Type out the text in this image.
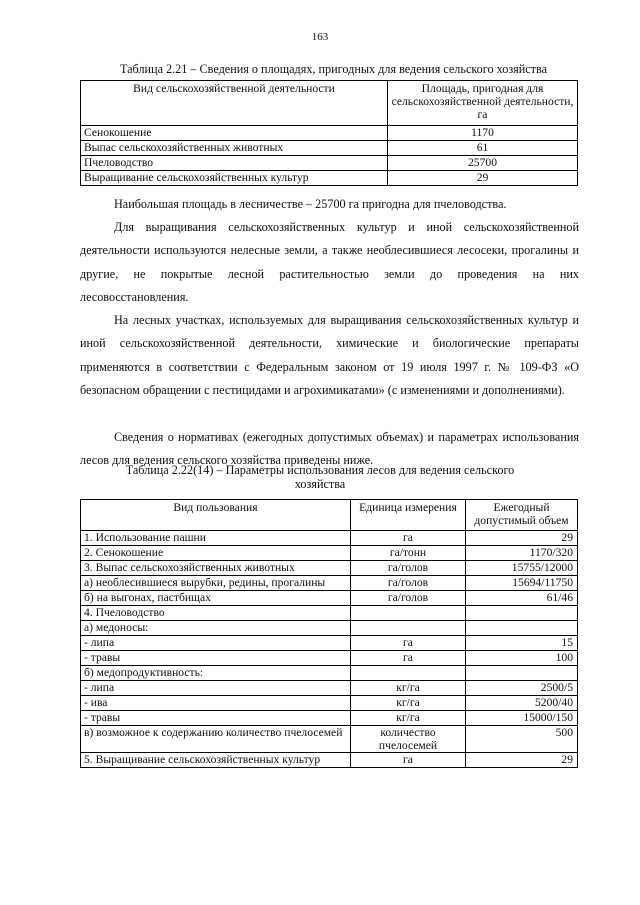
163
Таблица 2.21 – Сведения о площадях, пригодных для ведения сельского хозяйства
Вид сельскохозяйственной деятельности	Площадь, пригодная для сельскохозяйственной деятельности, га
Сенокошение	1170
Выпас сельскохозяйственных животных	61
Пчеловодство	25700
Выращивание сельскохозяйственных культур	29
Наибольшая площадь в лесничестве – 25700 га пригодна для пчеловодства.
Для выращивания сельскохозяйственных культур и иной сельскохозяйственной деятельности используются нелесные земли, а также необлесившиеся лесосеки, прогалины и другие, не покрытые лесной растительностью земли до проведения на них лесовосстановления.
На лесных участках, используемых для выращивания сельскохозяйственных культур и иной сельскохозяйственной деятельности, химические и биологические препараты применяются в соответствии с Федеральным законом от 19 июля 1997 г. № 109-ФЗ «О безопасном обращении с пестицидами и агрохимикатами» (с изменениями и дополнениями).
Сведения о нормативах (ежегодных допустимых объемах) и параметрах использования лесов для ведения сельского хозяйства приведены ниже.
Таблица 2.22(14) – Параметры использования лесов для ведения сельского хозяйства
Вид пользования	Единица измерения	Ежегодный допустимый объем
1. Использование пашни	га	29
2. Сенокошение	га/тонн	1170/320
3. Выпас сельскохозяйственных животных	га/голов	15755/12000
а) необлесившиеся вырубки, редины, прогалины	га/голов	15694/11750
б) на выгонах, пастбищах	га/голов	61/46
4. Пчеловодство		
а) медоносы:		
- липа	га	15
- травы	га	100
б) медопродуктивность:		
- липа	кг/га	2500/5
- ива	кг/га	5200/40
- травы	кг/га	15000/150
в) возможное к содержанию количество пчелосемей	количество пчелосемей	500
5. Выращивание сельскохозяйственных культур	га	29
